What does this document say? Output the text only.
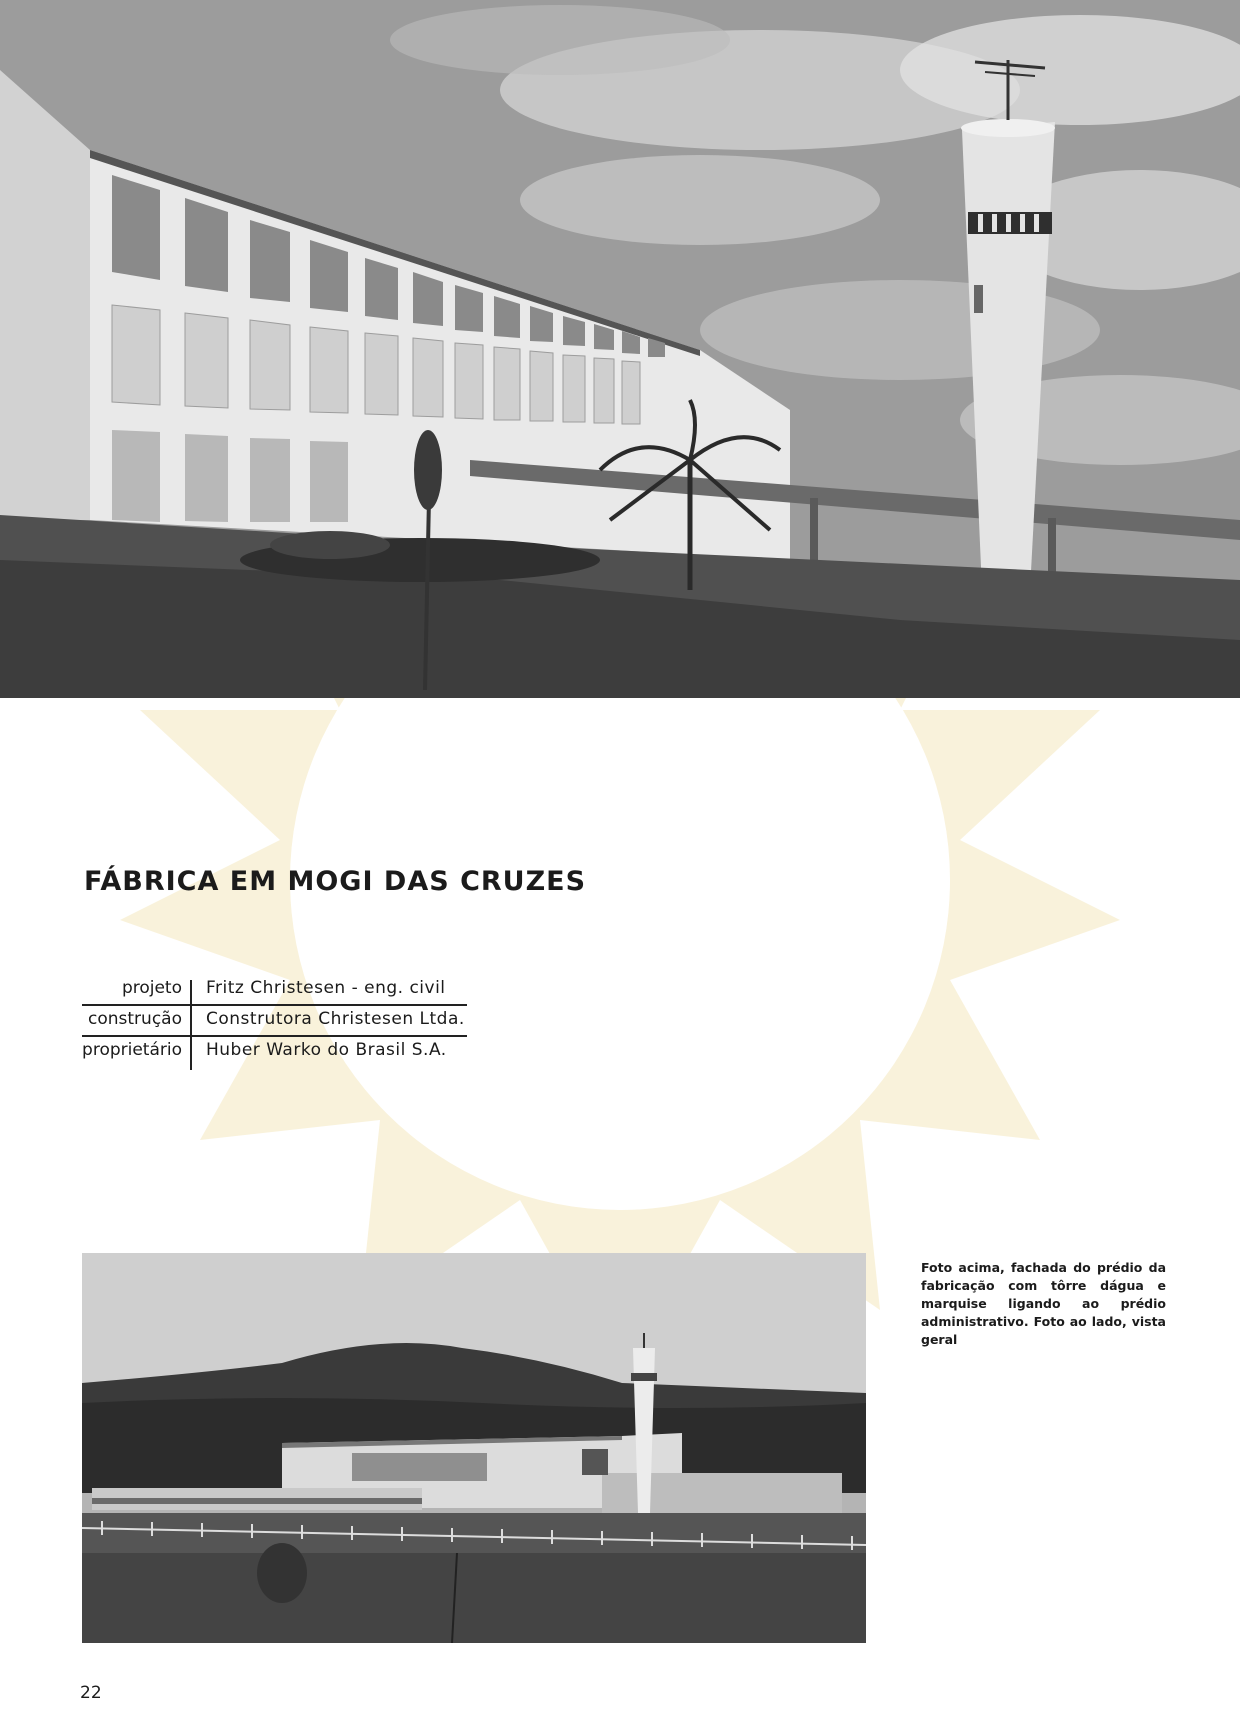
FÁBRICA EM MOGI DAS CRUZES
projeto	Fritz Christesen - eng. civil
construção	Construtora Christesen Ltda.
proprietário	Huber Warko do Brasil S.A.
Foto acima, fachada do prédio da fabricação com tôrre dágua e marquise ligando ao prédio administrativo. Foto ao lado, vista geral
22
